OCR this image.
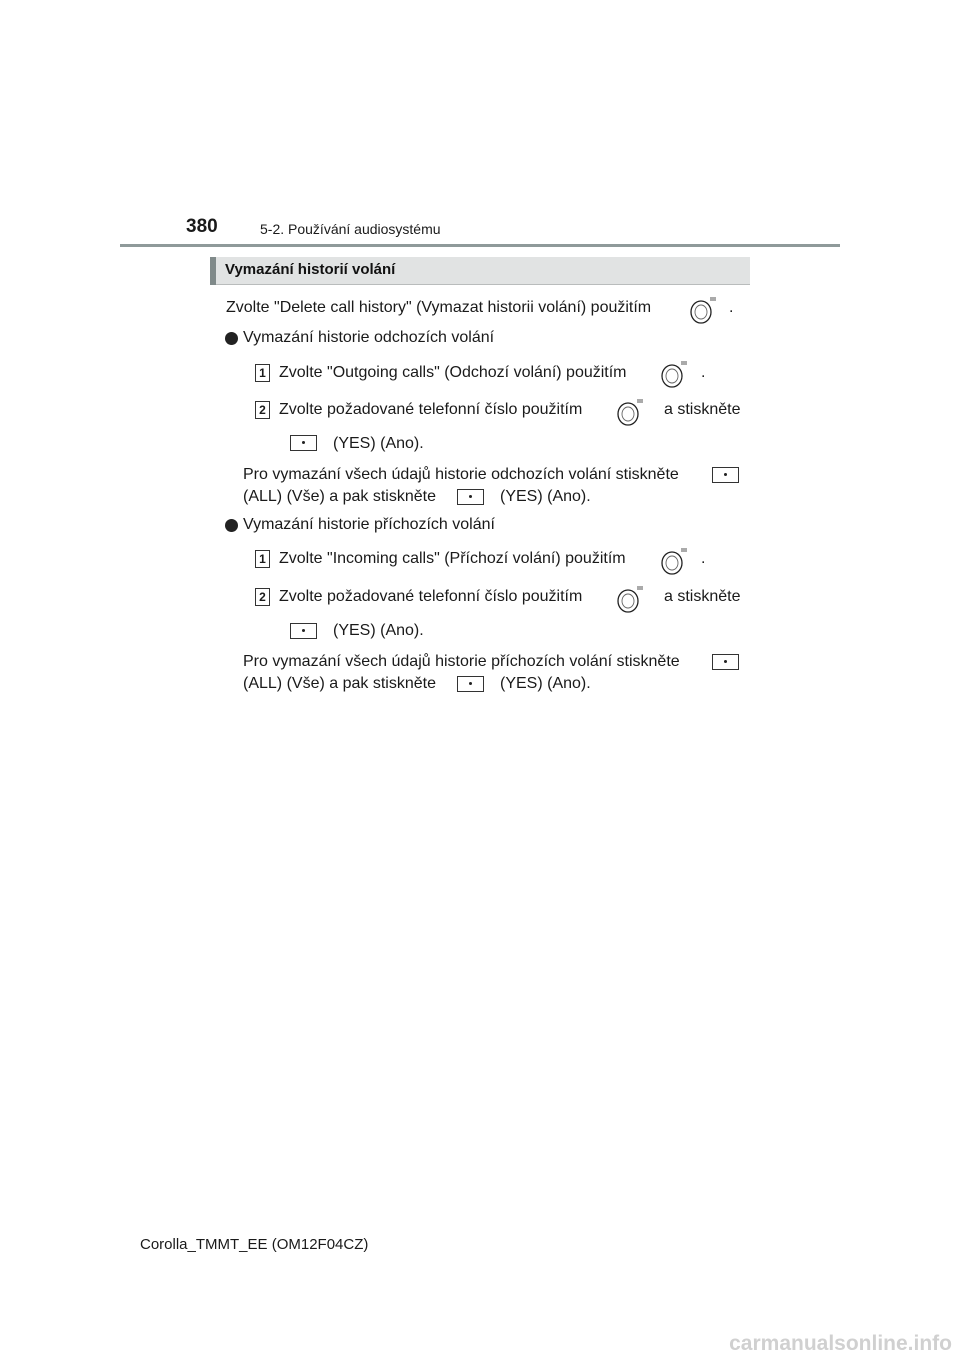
380	5-2. Používání audiosystému
Vymazání historií volání
Zvolte "Delete call history" (Vymazat historii volání) použitím	.
Vymazání historie odchozích volání
1 Zvolte "Outgoing calls" (Odchozí volání) použitím	.
2 Zvolte požadované telefonní číslo použitím	a stiskněte
(YES) (Ano).
Pro vymazání všech údajů historie odchozích volání stiskněte
(ALL) (Vše) a pak stiskněte	(YES) (Ano).
Vymazání historie příchozích volání
1 Zvolte "Incoming calls" (Příchozí volání) použitím	.
2 Zvolte požadované telefonní číslo použitím	a stiskněte
(YES) (Ano).
Pro vymazání všech údajů historie příchozích volání stiskněte
(ALL) (Vše) a pak stiskněte	(YES) (Ano).
Corolla_TMMT_EE (OM12F04CZ)
carmanualsonline.info
